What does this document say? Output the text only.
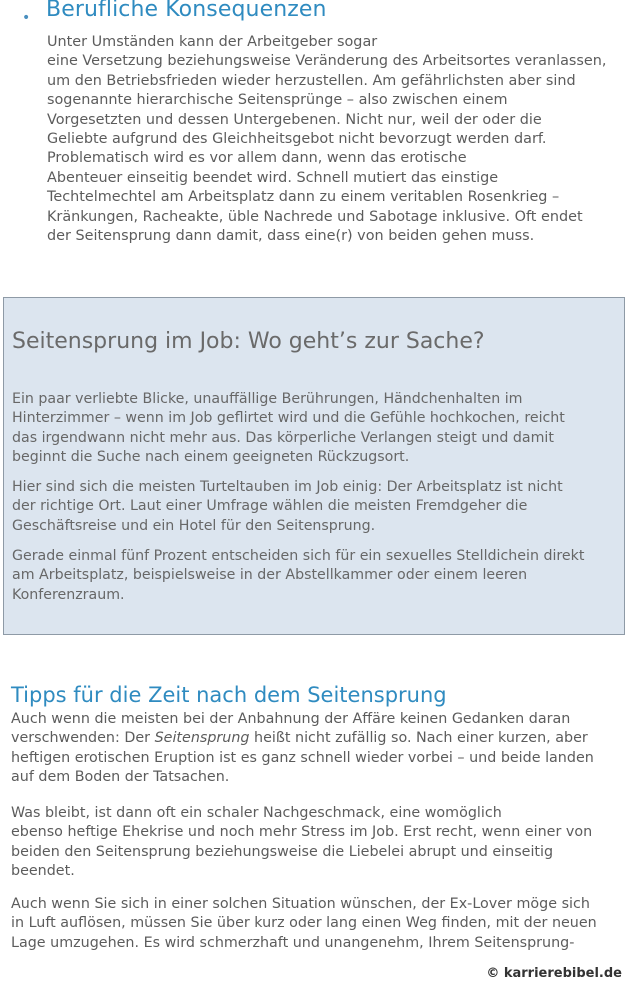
• Berufliche Konsequenzen

Unter Umständen kann der Arbeitgeber sogar
eine Versetzung beziehungsweise Veränderung des Arbeitsortes veranlassen,
um den Betriebsfrieden wieder herzustellen. Am gefährlichsten aber sind
sogenannte hierarchische Seitensprünge – also zwischen einem
Vorgesetzten und dessen Untergebenen. Nicht nur, weil der oder die
Geliebte aufgrund des Gleichheitsgebot nicht bevorzugt werden darf.
Problematisch wird es vor allem dann, wenn das erotische
Abenteuer einseitig beendet wird. Schnell mutiert das einstige
Techtelmechtel am Arbeitsplatz dann zu einem veritablen Rosenkrieg –
Kränkungen, Racheakte, üble Nachrede und Sabotage inklusive. Oft endet
der Seitensprung dann damit, dass eine(r) von beiden gehen muss.

Seitensprung im Job: Wo geht’s zur Sache?

Ein paar verliebte Blicke, unauffällige Berührungen, Händchenhalten im
Hinterzimmer – wenn im Job geflirtet wird und die Gefühle hochkochen, reicht
das irgendwann nicht mehr aus. Das körperliche Verlangen steigt und damit
beginnt die Suche nach einem geeigneten Rückzugsort.

Hier sind sich die meisten Turteltauben im Job einig: Der Arbeitsplatz ist nicht
der richtige Ort. Laut einer Umfrage wählen die meisten Fremdgeher die
Geschäftsreise und ein Hotel für den Seitensprung.

Gerade einmal fünf Prozent entscheiden sich für ein sexuelles Stelldichein direkt
am Arbeitsplatz, beispielsweise in der Abstellkammer oder einem leeren
Konferenzraum.

Tipps für die Zeit nach dem Seitensprung

Auch wenn die meisten bei der Anbahnung der Affäre keinen Gedanken daran
verschwenden: Der Seitensprung heißt nicht zufällig so. Nach einer kurzen, aber
heftigen erotischen Eruption ist es ganz schnell wieder vorbei – und beide landen
auf dem Boden der Tatsachen.

Was bleibt, ist dann oft ein schaler Nachgeschmack, eine womöglich
ebenso heftige Ehekrise und noch mehr Stress im Job. Erst recht, wenn einer von
beiden den Seitensprung beziehungsweise die Liebelei abrupt und einseitig
beendet.

Auch wenn Sie sich in einer solchen Situation wünschen, der Ex-Lover möge sich
in Luft auflösen, müssen Sie über kurz oder lang einen Weg finden, mit der neuen
Lage umzugehen. Es wird schmerzhaft und unangenehm, Ihrem Seitensprung-

© karrierebibel.de
